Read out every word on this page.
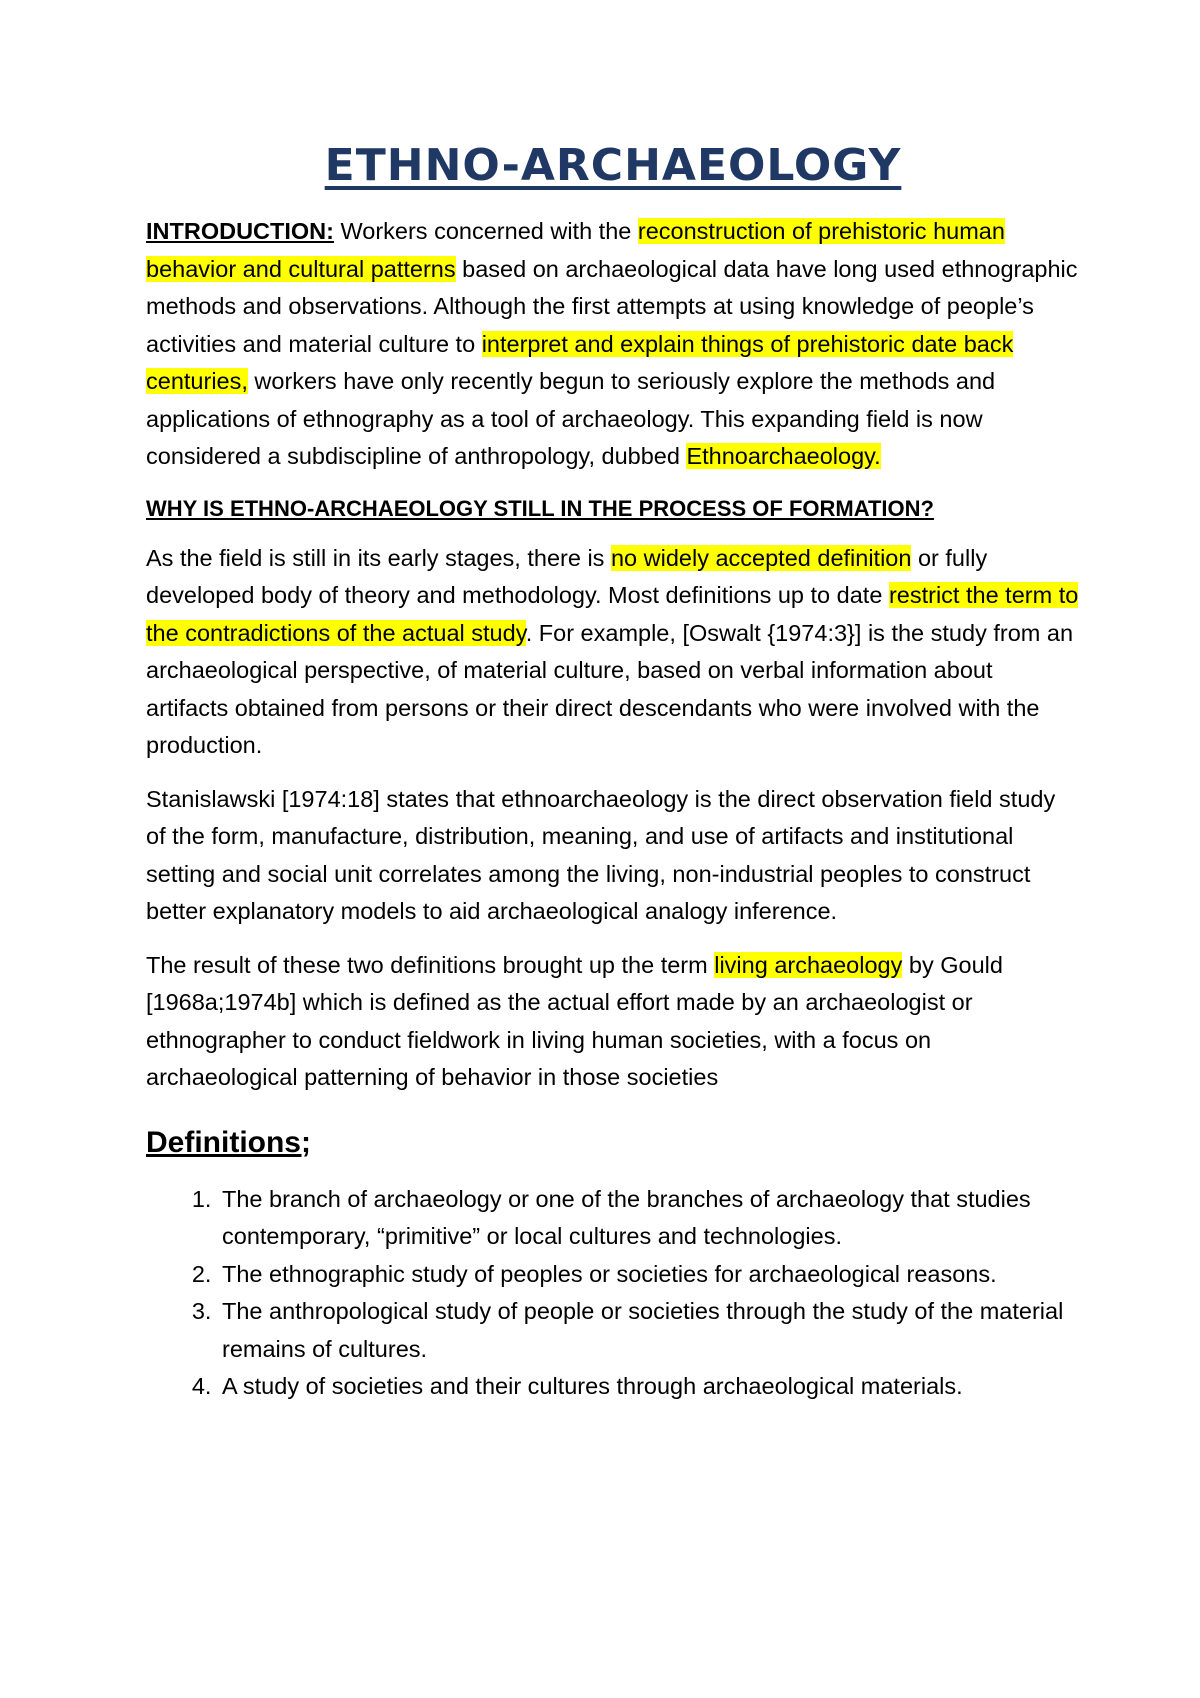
ETHNO-ARCHAEOLOGY

INTRODUCTION: Workers concerned with the reconstruction of prehistoric human behavior and cultural patterns based on archaeological data have long used ethnographic methods and observations. Although the first attempts at using knowledge of people’s activities and material culture to interpret and explain things of prehistoric date back centuries, workers have only recently begun to seriously explore the methods and applications of ethnography as a tool of archaeology. This expanding field is now considered a subdiscipline of anthropology, dubbed Ethnoarchaeology.

WHY IS ETHNO-ARCHAEOLOGY STILL IN THE PROCESS OF FORMATION?

As the field is still in its early stages, there is no widely accepted definition or fully developed body of theory and methodology. Most definitions up to date restrict the term to the contradictions of the actual study. For example, [Oswalt {1974:3}] is the study from an archaeological perspective, of material culture, based on verbal information about artifacts obtained from persons or their direct descendants who were involved with the production.

Stanislawski [1974:18] states that ethnoarchaeology is the direct observation field study of the form, manufacture, distribution, meaning, and use of artifacts and institutional setting and social unit correlates among the living, non-industrial peoples to construct better explanatory models to aid archaeological analogy inference.

The result of these two definitions brought up the term living archaeology by Gould [1968a;1974b] which is defined as the actual effort made by an archaeologist or ethnographer to conduct fieldwork in living human societies, with a focus on archaeological patterning of behavior in those societies

Definitions;
1. The branch of archaeology or one of the branches of archaeology that studies contemporary, “primitive” or local cultures and technologies.
2. The ethnographic study of peoples or societies for archaeological reasons.
3. The anthropological study of people or societies through the study of the material remains of cultures.
4. A study of societies and their cultures through archaeological materials.
